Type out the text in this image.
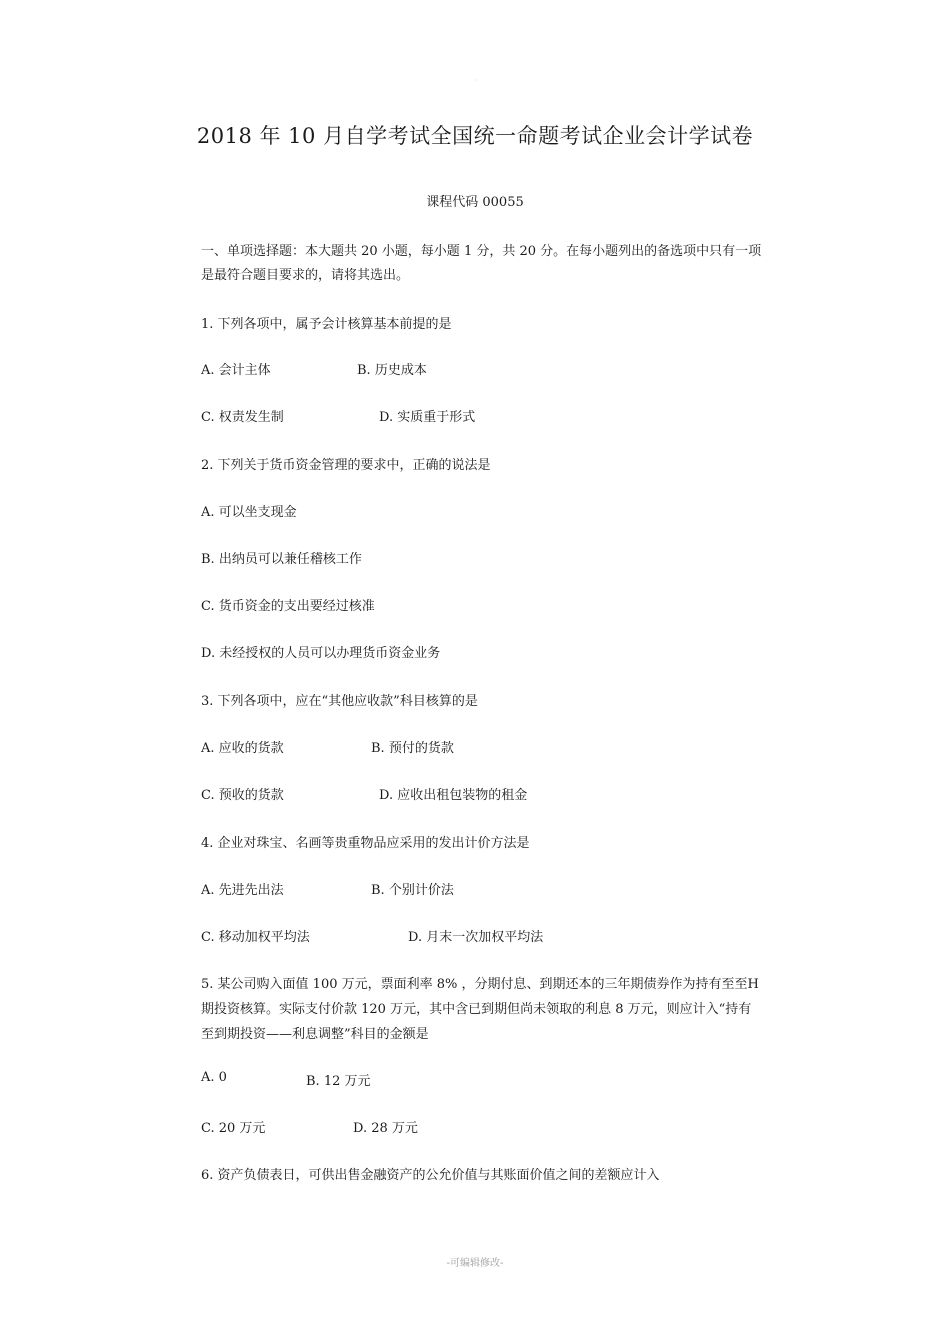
·
2018 年 10 月自学考试全国统一命题考试企业会计学试卷
课程代码 00055
一、单项选择题：本大题共 20 小题，每小题 1 分，共 20 分。在每小题列出的备选项中只有一项
是最符合题目要求的，请将其选出。
1. 下列各项中，属予会计核算基本前提的是
A. 会计主体	B. 历史成本
C. 权责发生制	D. 实质重于形式
2. 下列关于货币资金管理的要求中，正确的说法是
A. 可以坐支现金
B. 出纳员可以兼任稽核工作
C. 货币资金的支出要经过核准
D. 未经授权的人员可以办理货币资金业务
3. 下列各项中，应在“其他应收款”科目核算的是
A. 应收的货款	B. 预付的货款
C. 预收的货款	D. 应收出租包装物的租金
4. 企业对珠宝、名画等贵重物品应采用的发出计价方法是
A. 先进先出法	B. 个别计价法
C. 移动加权平均法	D. 月末一次加权平均法
5. 某公司购入面值 100 万元，票面利率 8% ，分期付息、到期还本的三年期债券作为持有至至H
期投资核算。实际支付价款 120 万元，其中含已到期但尚未领取的利息 8 万元，则应计入“持有
至到期投资——利息调整”科目的金额是
A. 0	B. 12 万元
C. 20 万元	D. 28 万元
6. 资产负债表日，可供出售金融资产的公允价值与其账面价值之间的差额应计入
-可编辑修改-
